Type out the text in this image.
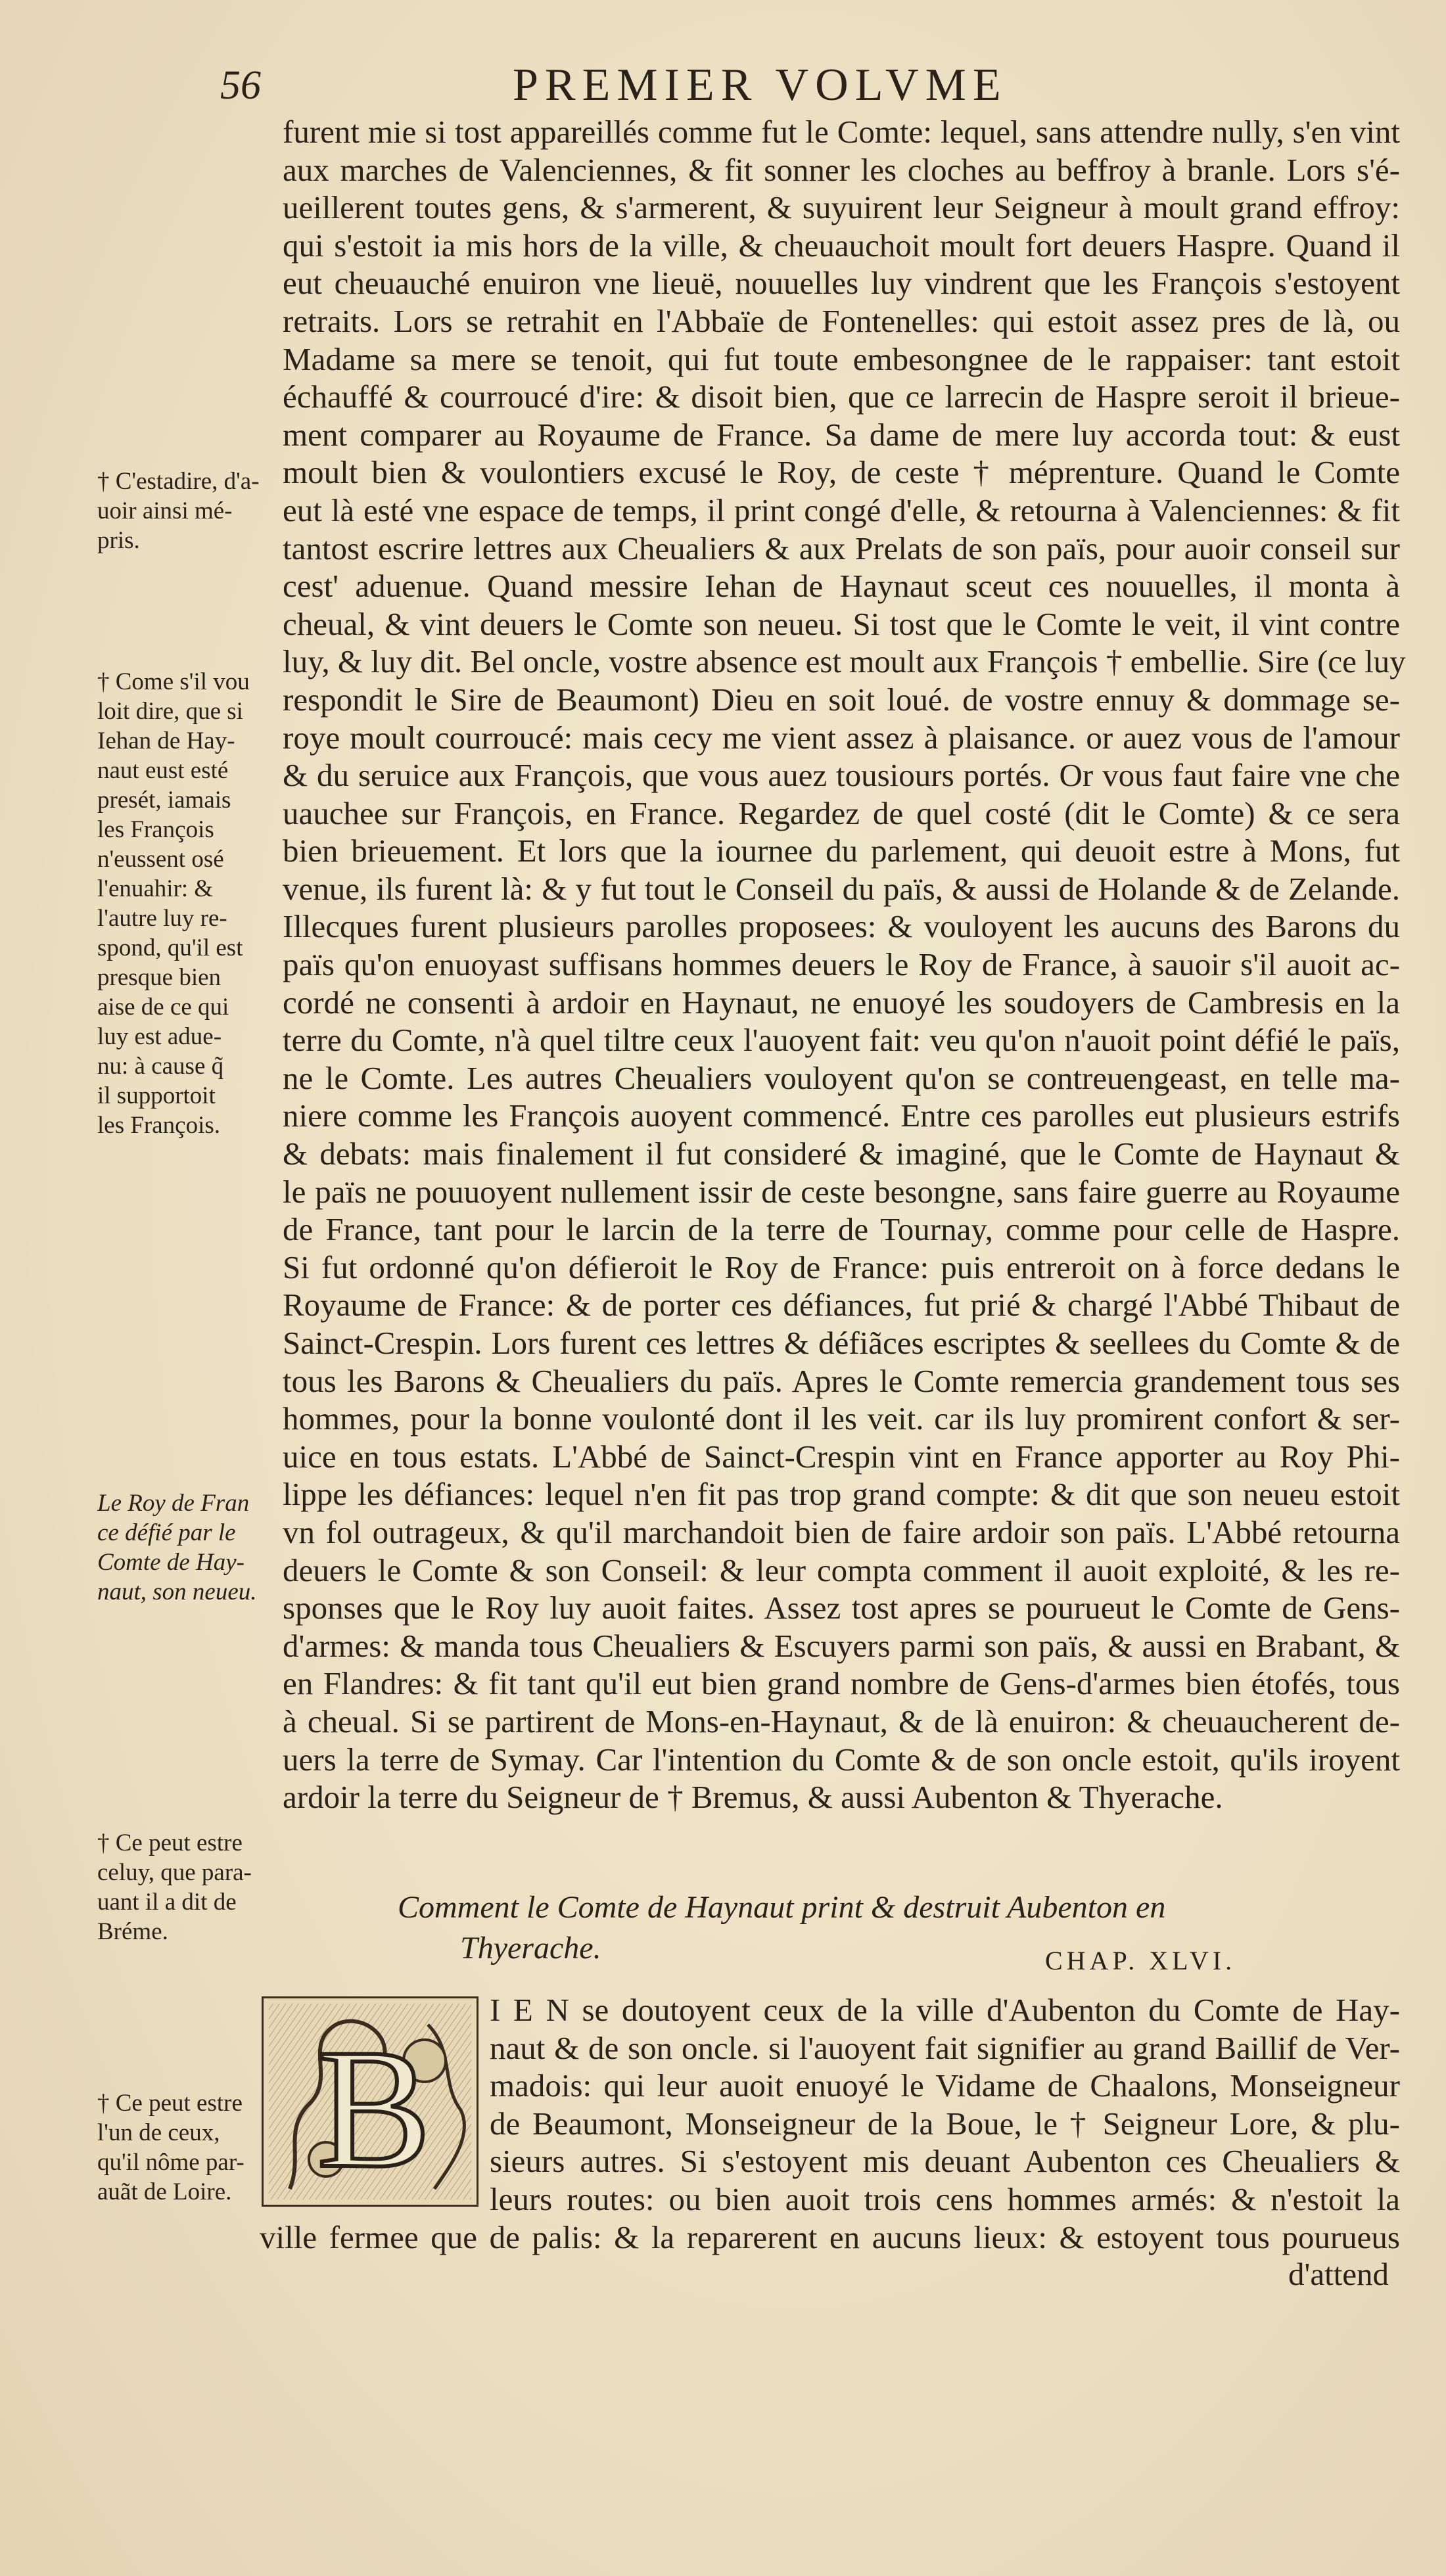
56	PREMIER VOLVME
furent mie si tost appareillés comme fut le Comte: lequel, sans attendre nully, s'en vint
aux marches de Valenciennes, & fit sonner les cloches au beffroy à branle. Lors s'é-
ueillerent toutes gens, & s'armerent, & suyuirent leur Seigneur à moult grand effroy:
qui s'estoit ia mis hors de la ville, & cheuauchoit moult fort deuers Haspre. Quand il
eut cheuauché enuiron vne lieuë, nouuelles luy vindrent que les François s'estoyent
retraits. Lors se retrahit en l'Abbaïe de Fontenelles: qui estoit assez pres de là, ou
Madame sa mere se tenoit, qui fut toute embesongnee de le rappaiser: tant estoit
échauffé & courroucé d'ire: & disoit bien, que ce larrecin de Haspre seroit il brieue-
ment comparer au Royaume de France. Sa dame de mere luy accorda tout: & eust
moult bien & voulontiers excusé le Roy, de ceste † méprenture. Quand le Comte
eut là esté vne espace de temps, il print congé d'elle, & retourna à Valenciennes: & fit
tantost escrire lettres aux Cheualiers & aux Prelats de son païs, pour auoir conseil sur
cest' aduenue. Quand messire Iehan de Haynaut sceut ces nouuelles, il monta à
cheual, & vint deuers le Comte son neueu. Si tost que le Comte le veit, il vint contre
luy, & luy dit. Bel oncle, vostre absence est moult aux François † embellie. Sire (ce luy
respondit le Sire de Beaumont) Dieu en soit loué. de vostre ennuy & dommage se-
roye moult courroucé: mais cecy me vient assez à plaisance. or auez vous de l'amour
& du seruice aux François, que vous auez tousiours portés. Or vous faut faire vne che
uauchee sur François, en France. Regardez de quel costé (dit le Comte) & ce sera
bien brieuement. Et lors que la iournee du parlement, qui deuoit estre à Mons, fut
venue, ils furent là: & y fut tout le Conseil du païs, & aussi de Holande & de Zelande.
Illecques furent plusieurs parolles proposees: & vouloyent les aucuns des Barons du
païs qu'on enuoyast suffisans hommes deuers le Roy de France, à sauoir s'il auoit ac-
cordé ne consenti à ardoir en Haynaut, ne enuoyé les soudoyers de Cambresis en la
terre du Comte, n'à quel tiltre ceux l'auoyent fait: veu qu'on n'auoit point défié le païs,
ne le Comte. Les autres Cheualiers vouloyent qu'on se contreuengeast, en telle ma-
niere comme les François auoyent commencé. Entre ces parolles eut plusieurs estrifs
& debats: mais finalement il fut consideré & imaginé, que le Comte de Haynaut &
le païs ne pouuoyent nullement issir de ceste besongne, sans faire guerre au Royaume
de France, tant pour le larcin de la terre de Tournay, comme pour celle de Haspre.
Si fut ordonné qu'on défieroit le Roy de France: puis entreroit on à force dedans le
Royaume de France: & de porter ces défiances, fut prié & chargé l'Abbé Thibaut de
Sainct-Crespin. Lors furent ces lettres & défiãces escriptes & seellees du Comte & de
tous les Barons & Cheualiers du païs. Apres le Comte remercia grandement tous ses
hommes, pour la bonne voulonté dont il les veit. car ils luy promirent confort & ser-
uice en tous estats. L'Abbé de Sainct-Crespin vint en France apporter au Roy Phi-
lippe les défiances: lequel n'en fit pas trop grand compte: & dit que son neueu estoit
vn fol outrageux, & qu'il marchandoit bien de faire ardoir son païs. L'Abbé retourna
deuers le Comte & son Conseil: & leur compta comment il auoit exploité, & les re-
sponses que le Roy luy auoit faites. Assez tost apres se pourueut le Comte de Gens-
d'armes: & manda tous Cheualiers & Escuyers parmi son païs, & aussi en Brabant, &
en Flandres: & fit tant qu'il eut bien grand nombre de Gens-d'armes bien étofés, tous
à cheual. Si se partirent de Mons-en-Haynaut, & de là enuiron: & cheuaucherent de-
uers la terre de Symay. Car l'intention du Comte & de son oncle estoit, qu'ils iroyent
ardoir la terre du Seigneur de † Bremus, & aussi Aubenton & Thyerache.
† C'estadire, d'a-
uoir ainsi mé-
pris.
† Come s'il vou
loit dire, que si
Iehan de Hay-
naut eust esté
presét, iamais
les François
n'eussent osé
l'enuahir: &
l'autre luy re-
spond, qu'il est
presque bien
aise de ce qui
luy est adue-
nu: à cause q̃
il supportoit
les François.
Le Roy de Fran
ce défié par le
Comte de Hay-
naut, son neueu.
† Ce peut estre
celuy, que para-
uant il a dit de
Bréme.
† Ce peut estre
l'un de ceux,
qu'il nôme par-
auãt de Loire.
Comment le Comte de Haynaut print & destruit Aubenton en
Thyerache.	CHAP. XLVI.
B
I E N se doutoyent ceux de la ville d'Aubenton du Comte de Hay-
naut & de son oncle. si l'auoyent fait signifier au grand Baillif de Ver-
madois: qui leur auoit enuoyé le Vidame de Chaalons, Monseigneur
de Beaumont, Monseigneur de la Boue, le † Seigneur Lore, & plu-
sieurs autres. Si s'estoyent mis deuant Aubenton ces Cheualiers &
leurs routes: ou bien auoit trois cens hommes armés: & n'estoit la
ville fermee que de palis: & la reparerent en aucuns lieux: & estoyent tous pourueus
d'attend
